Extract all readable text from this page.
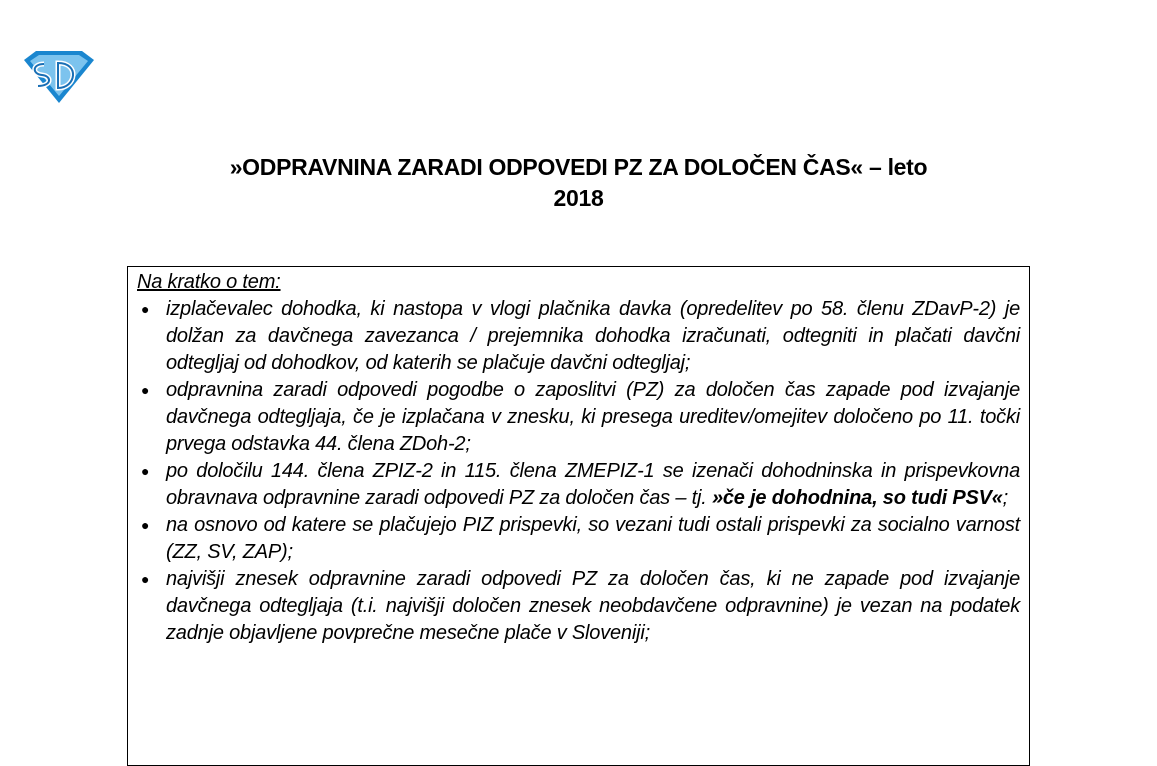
»ODPRAVNINA ZARADI ODPOVEDI PZ ZA DOLOČEN ČAS« – leto
2018
Na kratko o tem:
● izplačevalec dohodka, ki nastopa v vlogi plačnika davka (opredelitev po 58. členu ZDavP-2) je dolžan za davčnega zavezanca / prejemnika dohodka izračunati, odtegniti in plačati davčni odtegljaj od dohodkov, od katerih se plačuje davčni odtegljaj;
● odpravnina zaradi odpovedi pogodbe o zaposlitvi (PZ) za določen čas zapade pod izvajanje davčnega odtegljaja, če je izplačana v znesku, ki presega ureditev/omejitev določeno po 11. točki prvega odstavka 44. člena ZDoh-2;
● po določilu 144. člena ZPIZ-2 in 115. člena ZMEPIZ-1 se izenači dohodninska in prispevkovna obravnava odpravnine zaradi odpovedi PZ za določen čas – tj. »če je dohodnina, so tudi PSV«;
● na osnovo od katere se plačujejo PIZ prispevki, so vezani tudi ostali prispevki za socialno varnost (ZZ, SV, ZAP);
● najvišji znesek odpravnine zaradi odpovedi PZ za določen čas, ki ne zapade pod izvajanje davčnega odtegljaja (t.i. najvišji določen znesek neobdavčene odpravnine) je vezan na podatek zadnje objavljene povprečne mesečne plače v Sloveniji;
